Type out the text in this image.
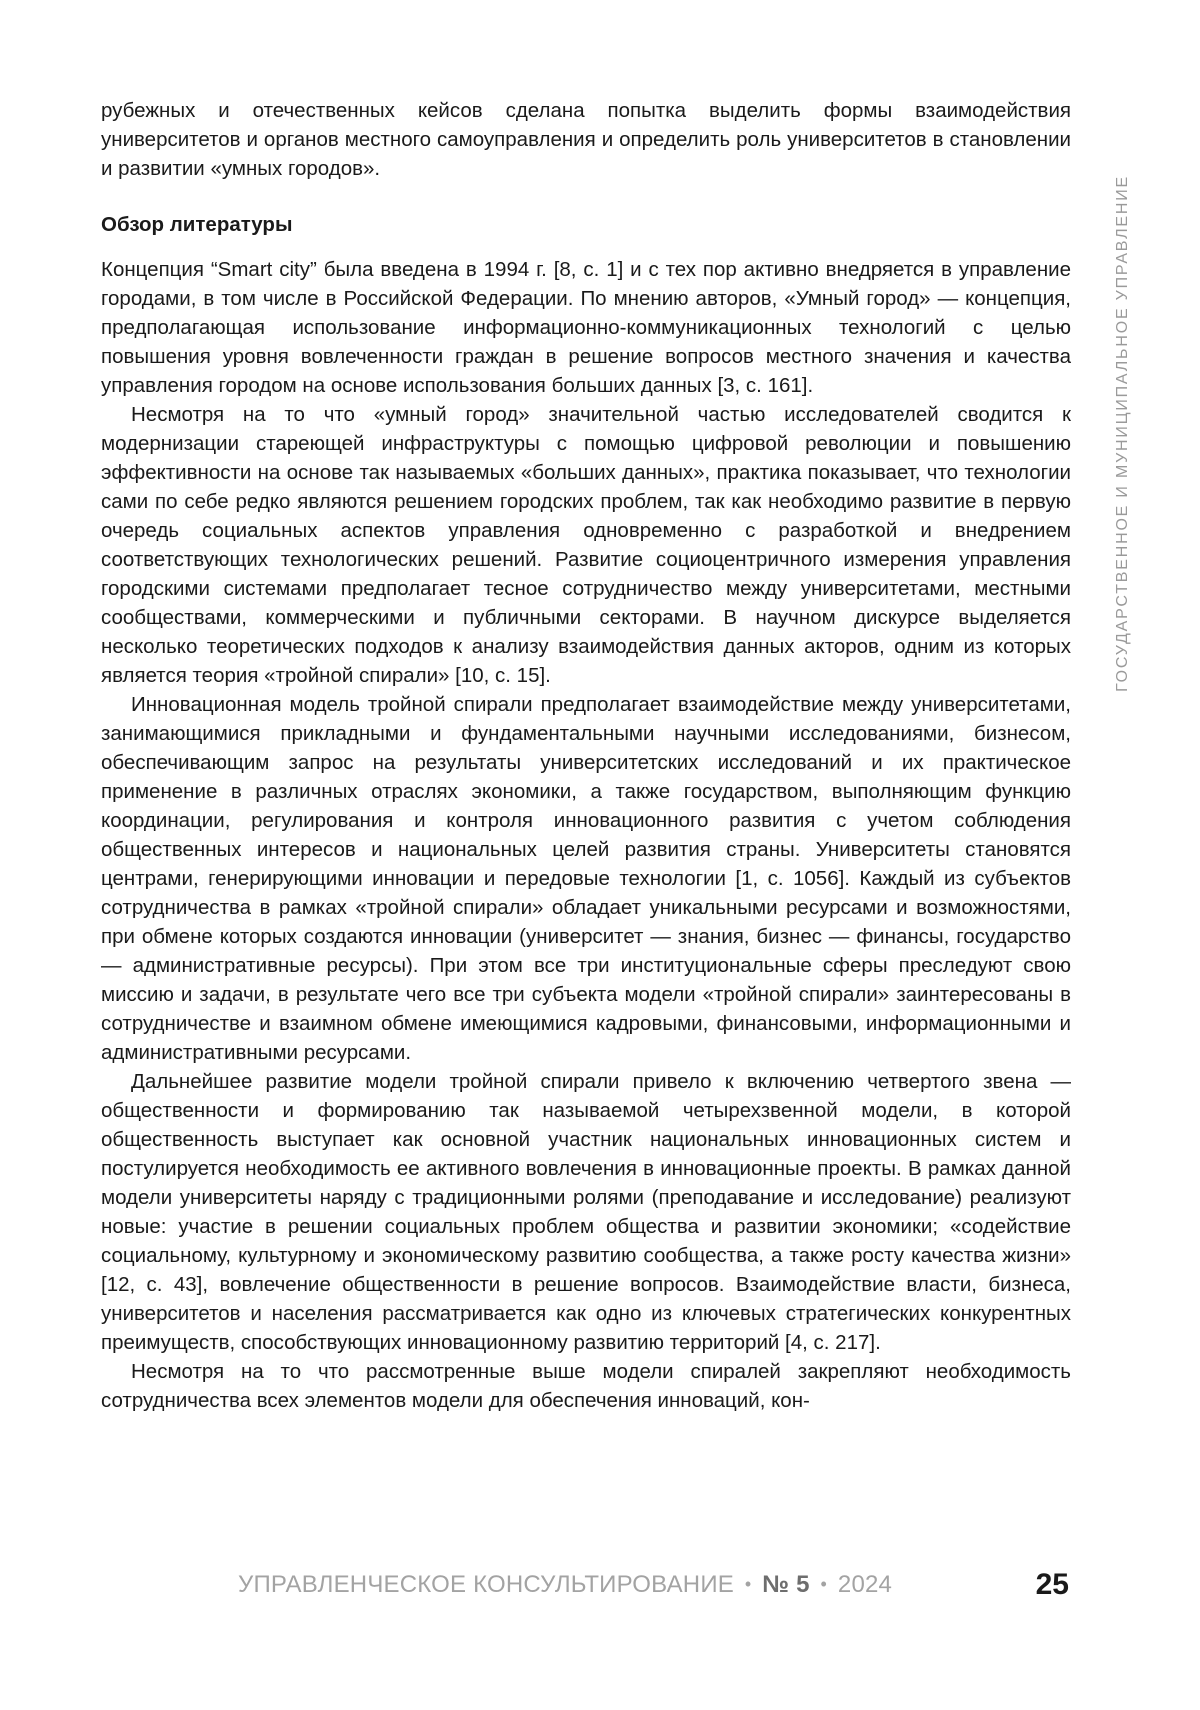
ГОСУДАРСТВЕННОЕ И МУНИЦИПАЛЬНОЕ УПРАВЛЕНИЕ

рубежных и отечественных кейсов сделана попытка выделить формы взаимодействия университетов и органов местного самоуправления и определить роль университетов в становлении и развитии «умных городов».

Обзор литературы

Концепция “Smart city” была введена в 1994 г. [8, с. 1] и с тех пор активно внедряется в управление городами, в том числе в Российской Федерации. По мнению авторов, «Умный город» — концепция, предполагающая использование информационно-коммуникационных технологий с целью повышения уровня вовлеченности граждан в решение вопросов местного значения и качества управления городом на основе использования больших данных [3, с. 161].

Несмотря на то что «умный город» значительной частью исследователей сводится к модернизации стареющей инфраструктуры с помощью цифровой революции и повышению эффективности на основе так называемых «больших данных», практика показывает, что технологии сами по себе редко являются решением городских проблем, так как необходимо развитие в первую очередь социальных аспектов управления одновременно с разработкой и внедрением соответствующих технологических решений. Развитие социоцентричного измерения управления городскими системами предполагает тесное сотрудничество между университетами, местными сообществами, коммерческими и публичными секторами. В научном дискурсе выделяется несколько теоретических подходов к анализу взаимодействия данных акторов, одним из которых является теория «тройной спирали» [10, с. 15].

Инновационная модель тройной спирали предполагает взаимодействие между университетами, занимающимися прикладными и фундаментальными научными исследованиями, бизнесом, обеспечивающим запрос на результаты университетских исследований и их практическое применение в различных отраслях экономики, а также государством, выполняющим функцию координации, регулирования и контроля инновационного развития с учетом соблюдения общественных интересов и национальных целей развития страны. Университеты становятся центрами, генерирующими инновации и передовые технологии [1, с. 1056]. Каждый из субъектов сотрудничества в рамках «тройной спирали» обладает уникальными ресурсами и возможностями, при обмене которых создаются инновации (университет — знания, бизнес — финансы, государство — административные ресурсы). При этом все три институциональные сферы преследуют свою миссию и задачи, в результате чего все три субъекта модели «тройной спирали» заинтересованы в сотрудничестве и взаимном обмене имеющимися кадровыми, финансовыми, информационными и административными ресурсами.

Дальнейшее развитие модели тройной спирали привело к включению четвертого звена — общественности и формированию так называемой четырехзвенной модели, в которой общественность выступает как основной участник национальных инновационных систем и постулируется необходимость ее активного вовлечения в инновационные проекты. В рамках данной модели университеты наряду с традиционными ролями (преподавание и исследование) реализуют новые: участие в решении социальных проблем общества и развитии экономики; «содействие социальному, культурному и экономическому развитию сообщества, а также росту качества жизни» [12, с. 43], вовлечение общественности в решение вопросов. Взаимодействие власти, бизнеса, университетов и населения рассматривается как одно из ключевых стратегических конкурентных преимуществ, способствующих инновационному развитию территорий [4, с. 217].

Несмотря на то что рассмотренные выше модели спиралей закрепляют необходимость сотрудничества всех элементов модели для обеспечения инноваций, кон-

УПРАВЛЕНЧЕСКОЕ КОНСУЛЬТИРОВАНИЕ • № 5 • 2024	25
